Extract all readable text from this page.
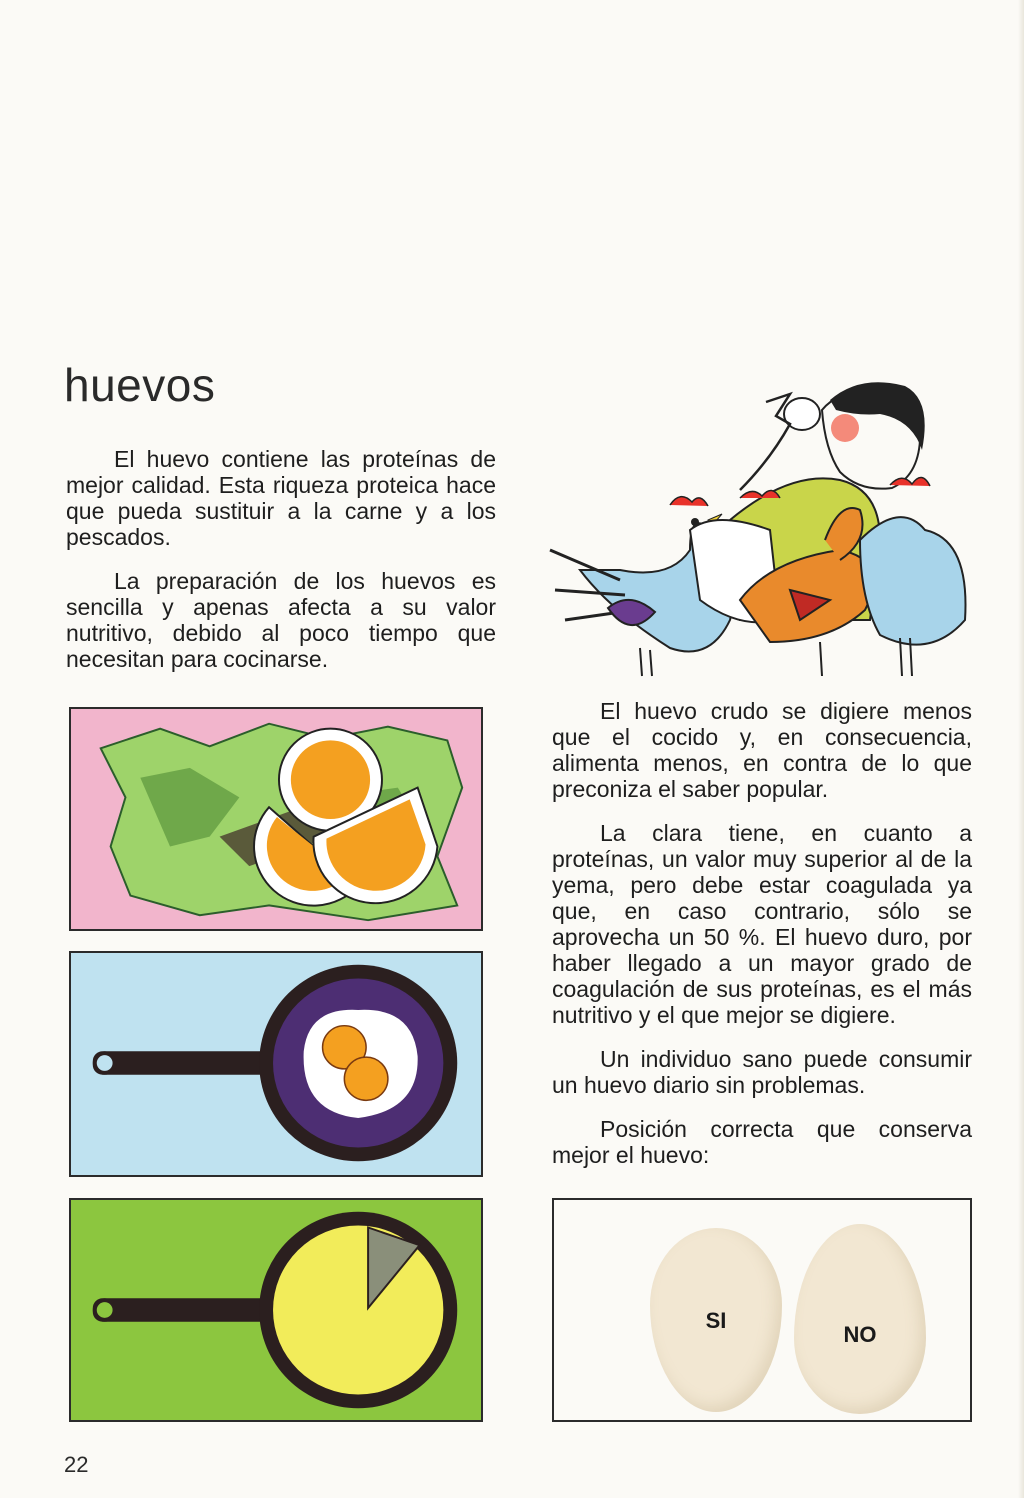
huevos

El huevo contiene las proteínas de mejor calidad. Esta riqueza proteica hace que pueda sustituir a la carne y a los pescados.

La preparación de los huevos es sencilla y apenas afecta a su valor nutritivo, debido al poco tiempo que necesitan para cocinarse.

El huevo crudo se digiere menos que el cocido y, en consecuencia, alimenta menos, en contra de lo que preconiza el saber popular.

La clara tiene, en cuanto a proteínas, un valor muy superior al de la yema, pero debe estar coagulada ya que, en caso contrario, sólo se aprovecha un 50 %. El huevo duro, por haber llegado a un mayor grado de coagulación de sus proteínas, es el más nutritivo y el que mejor se digiere.

Un individuo sano puede consumir un huevo diario sin problemas.

Posición correcta que conserva mejor el huevo:

SI
NO
22
